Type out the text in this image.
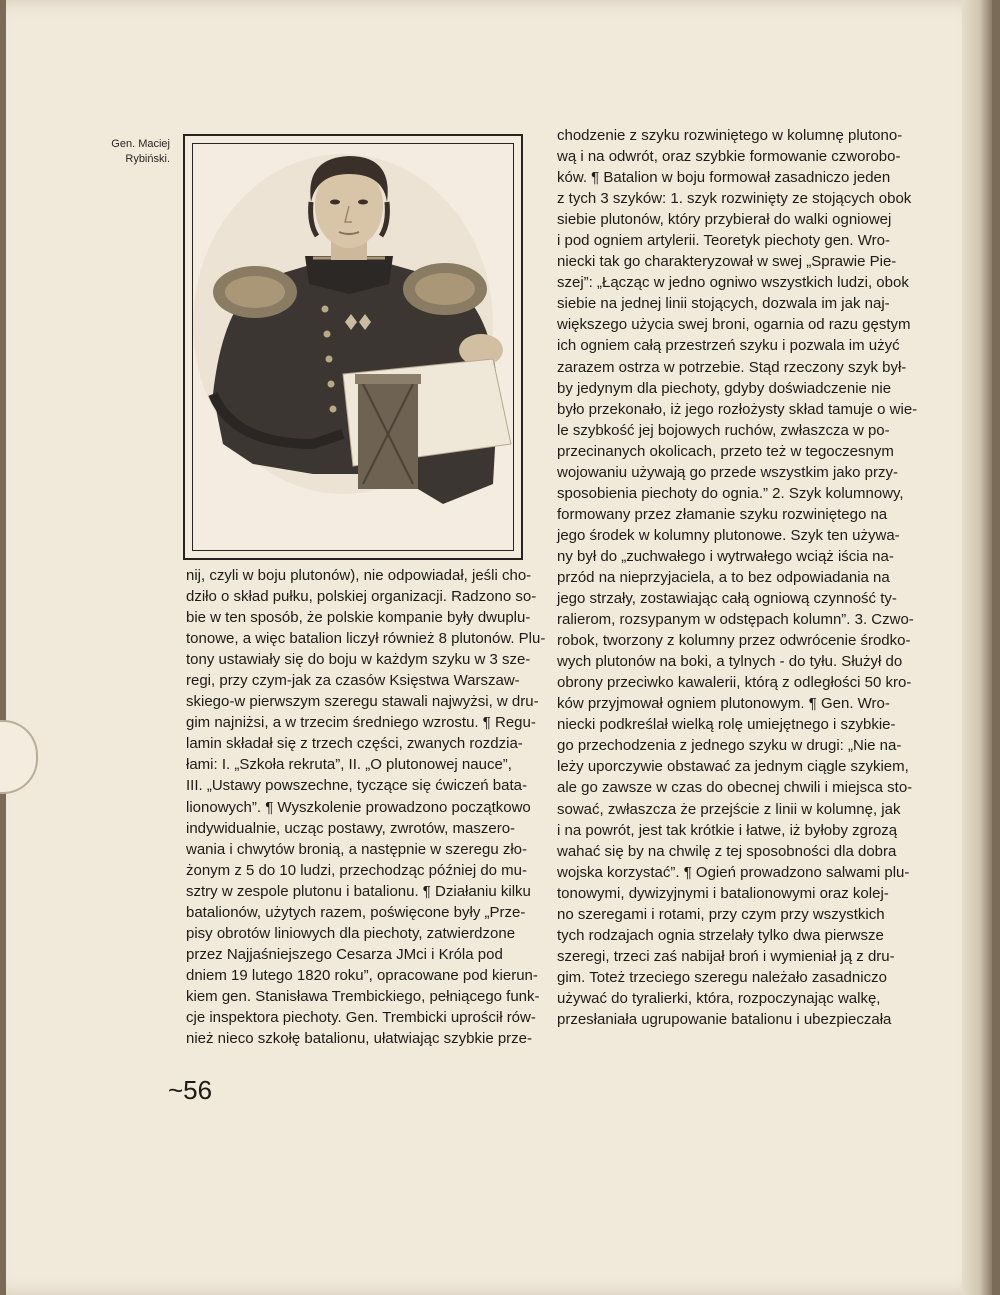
Gen. Maciej
Rybiński.
nij, czyli w boju plutonów), nie odpowiadał, jeśli cho-
dziło o skład pułku, polskiej organizacji. Radzono so-
bie w ten sposób, że polskie kompanie były dwuplu-
tonowe, a więc batalion liczył również 8 plutonów. Plu-
tony ustawiały się do boju w każdym szyku w 3 sze-
regi, przy czym-jak za czasów Księstwa Warszaw-
skiego-w pierwszym szeregu stawali najwyżsi, w dru-
gim najniżsi, a w trzecim średniego wzrostu. ¶ Regu-
lamin składał się z trzech części, zwanych rozdzia-
łami: I. „Szkoła rekruta”, II. „O plutonowej nauce”,
III. „Ustawy powszechne, tyczące się ćwiczeń bata-
lionowych”. ¶ Wyszkolenie prowadzono początkowo
indywidualnie, ucząc postawy, zwrotów, maszero-
wania i chwytów bronią, a następnie w szeregu zło-
żonym z 5 do 10 ludzi, przechodząc później do mu-
sztry w zespole plutonu i batalionu. ¶ Działaniu kilku
batalionów, użytych razem, poświęcone były „Prze-
pisy obrotów liniowych dla piechoty, zatwierdzone
przez Najjaśniejszego Cesarza JMci i Króla pod
dniem 19 lutego 1820 roku”, opracowane pod kierun-
kiem gen. Stanisława Trembickiego, pełniącego funk-
cje inspektora piechoty. Gen. Trembicki uprościł rów-
nież nieco szkołę batalionu, ułatwiając szybkie prze-
chodzenie z szyku rozwiniętego w kolumnę plutono-
wą i na odwrót, oraz szybkie formowanie czworobo-
ków. ¶ Batalion w boju formował zasadniczo jeden
z tych 3 szyków: 1. szyk rozwinięty ze stojących obok
siebie plutonów, który przybierał do walki ogniowej
i pod ogniem artylerii. Teoretyk piechoty gen. Wro-
niecki tak go charakteryzował w swej „Sprawie Pie-
szej”: „Łącząc w jedno ogniwo wszystkich ludzi, obok
siebie na jednej linii stojących, dozwala im jak naj-
większego użycia swej broni, ogarnia od razu gęstym
ich ogniem całą przestrzeń szyku i pozwala im użyć
zarazem ostrza w potrzebie. Stąd rzeczony szyk był-
by jedynym dla piechoty, gdyby doświadczenie nie
było przekonało, iż jego rozłożysty skład tamuje o wie-
le szybkość jej bojowych ruchów, zwłaszcza w po-
przecinanych okolicach, przeto też w tegoczesnym
wojowaniu używają go przede wszystkim jako przy-
sposobienia piechoty do ognia.” 2. Szyk kolumnowy,
formowany przez złamanie szyku rozwiniętego na
jego środek w kolumny plutonowe. Szyk ten używa-
ny był do „zuchwałego i wytrwałego wciąż iścia na-
przód na nieprzyjaciela, a to bez odpowiadania na
jego strzały, zostawiając całą ogniową czynność ty-
ralierom, rozsypanym w odstępach kolumn”. 3. Czwo-
robok, tworzony z kolumny przez odwrócenie środko-
wych plutonów na boki, a tylnych - do tyłu. Służył do
obrony przeciwko kawalerii, którą z odległości 50 kro-
ków przyjmował ogniem plutonowym. ¶ Gen. Wro-
niecki podkreślał wielką rolę umiejętnego i szybkie-
go przechodzenia z jednego szyku w drugi: „Nie na-
leży uporczywie obstawać za jednym ciągle szykiem,
ale go zawsze w czas do obecnej chwili i miejsca sto-
sować, zwłaszcza że przejście z linii w kolumnę, jak
i na powrót, jest tak krótkie i łatwe, iż byłoby zgrozą
wahać się by na chwilę z tej sposobności dla dobra
wojska korzystać”. ¶ Ogień prowadzono salwami plu-
tonowymi, dywizyjnymi i batalionowymi oraz kolej-
no szeregami i rotami, przy czym przy wszystkich
tych rodzajach ognia strzelały tylko dwa pierwsze
szeregi, trzeci zaś nabijał broń i wymieniał ją z dru-
gim. Toteż trzeciego szeregu należało zasadniczo
używać do tyralierki, która, rozpoczynając walkę,
przesłaniała ugrupowanie batalionu i ubezpieczała
~56
